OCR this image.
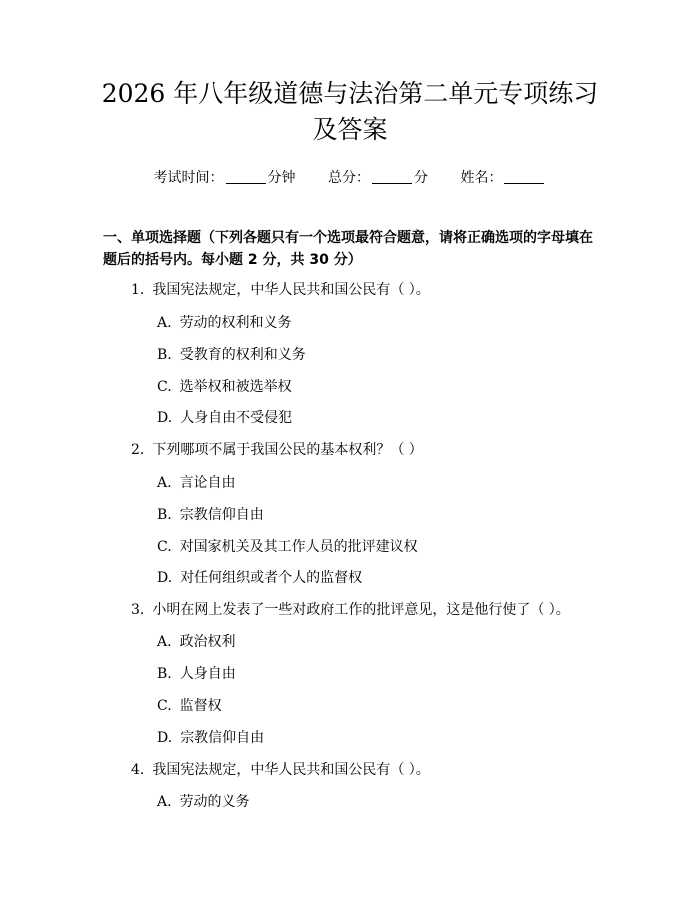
2026 年八年级道德与法治第二单元专项练习
及答案
考试时间：	分钟 总分：	分 姓名：
一、单项选择题（下列各题只有一个选项最符合题意，请将正确选项的字母填在题后的括号内。每小题 2 分，共 30 分）
1. 我国宪法规定，中华人民共和国公民有（ ）。
A. 劳动的权利和义务
B. 受教育的权利和义务
C. 选举权和被选举权
D. 人身自由不受侵犯
2. 下列哪项不属于我国公民的基本权利？（ ）
A. 言论自由
B. 宗教信仰自由
C. 对国家机关及其工作人员的批评建议权
D. 对任何组织或者个人的监督权
3. 小明在网上发表了一些对政府工作的批评意见，这是他行使了（ ）。
A. 政治权利
B. 人身自由
C. 监督权
D. 宗教信仰自由
4. 我国宪法规定，中华人民共和国公民有（ ）。
A. 劳动的义务
